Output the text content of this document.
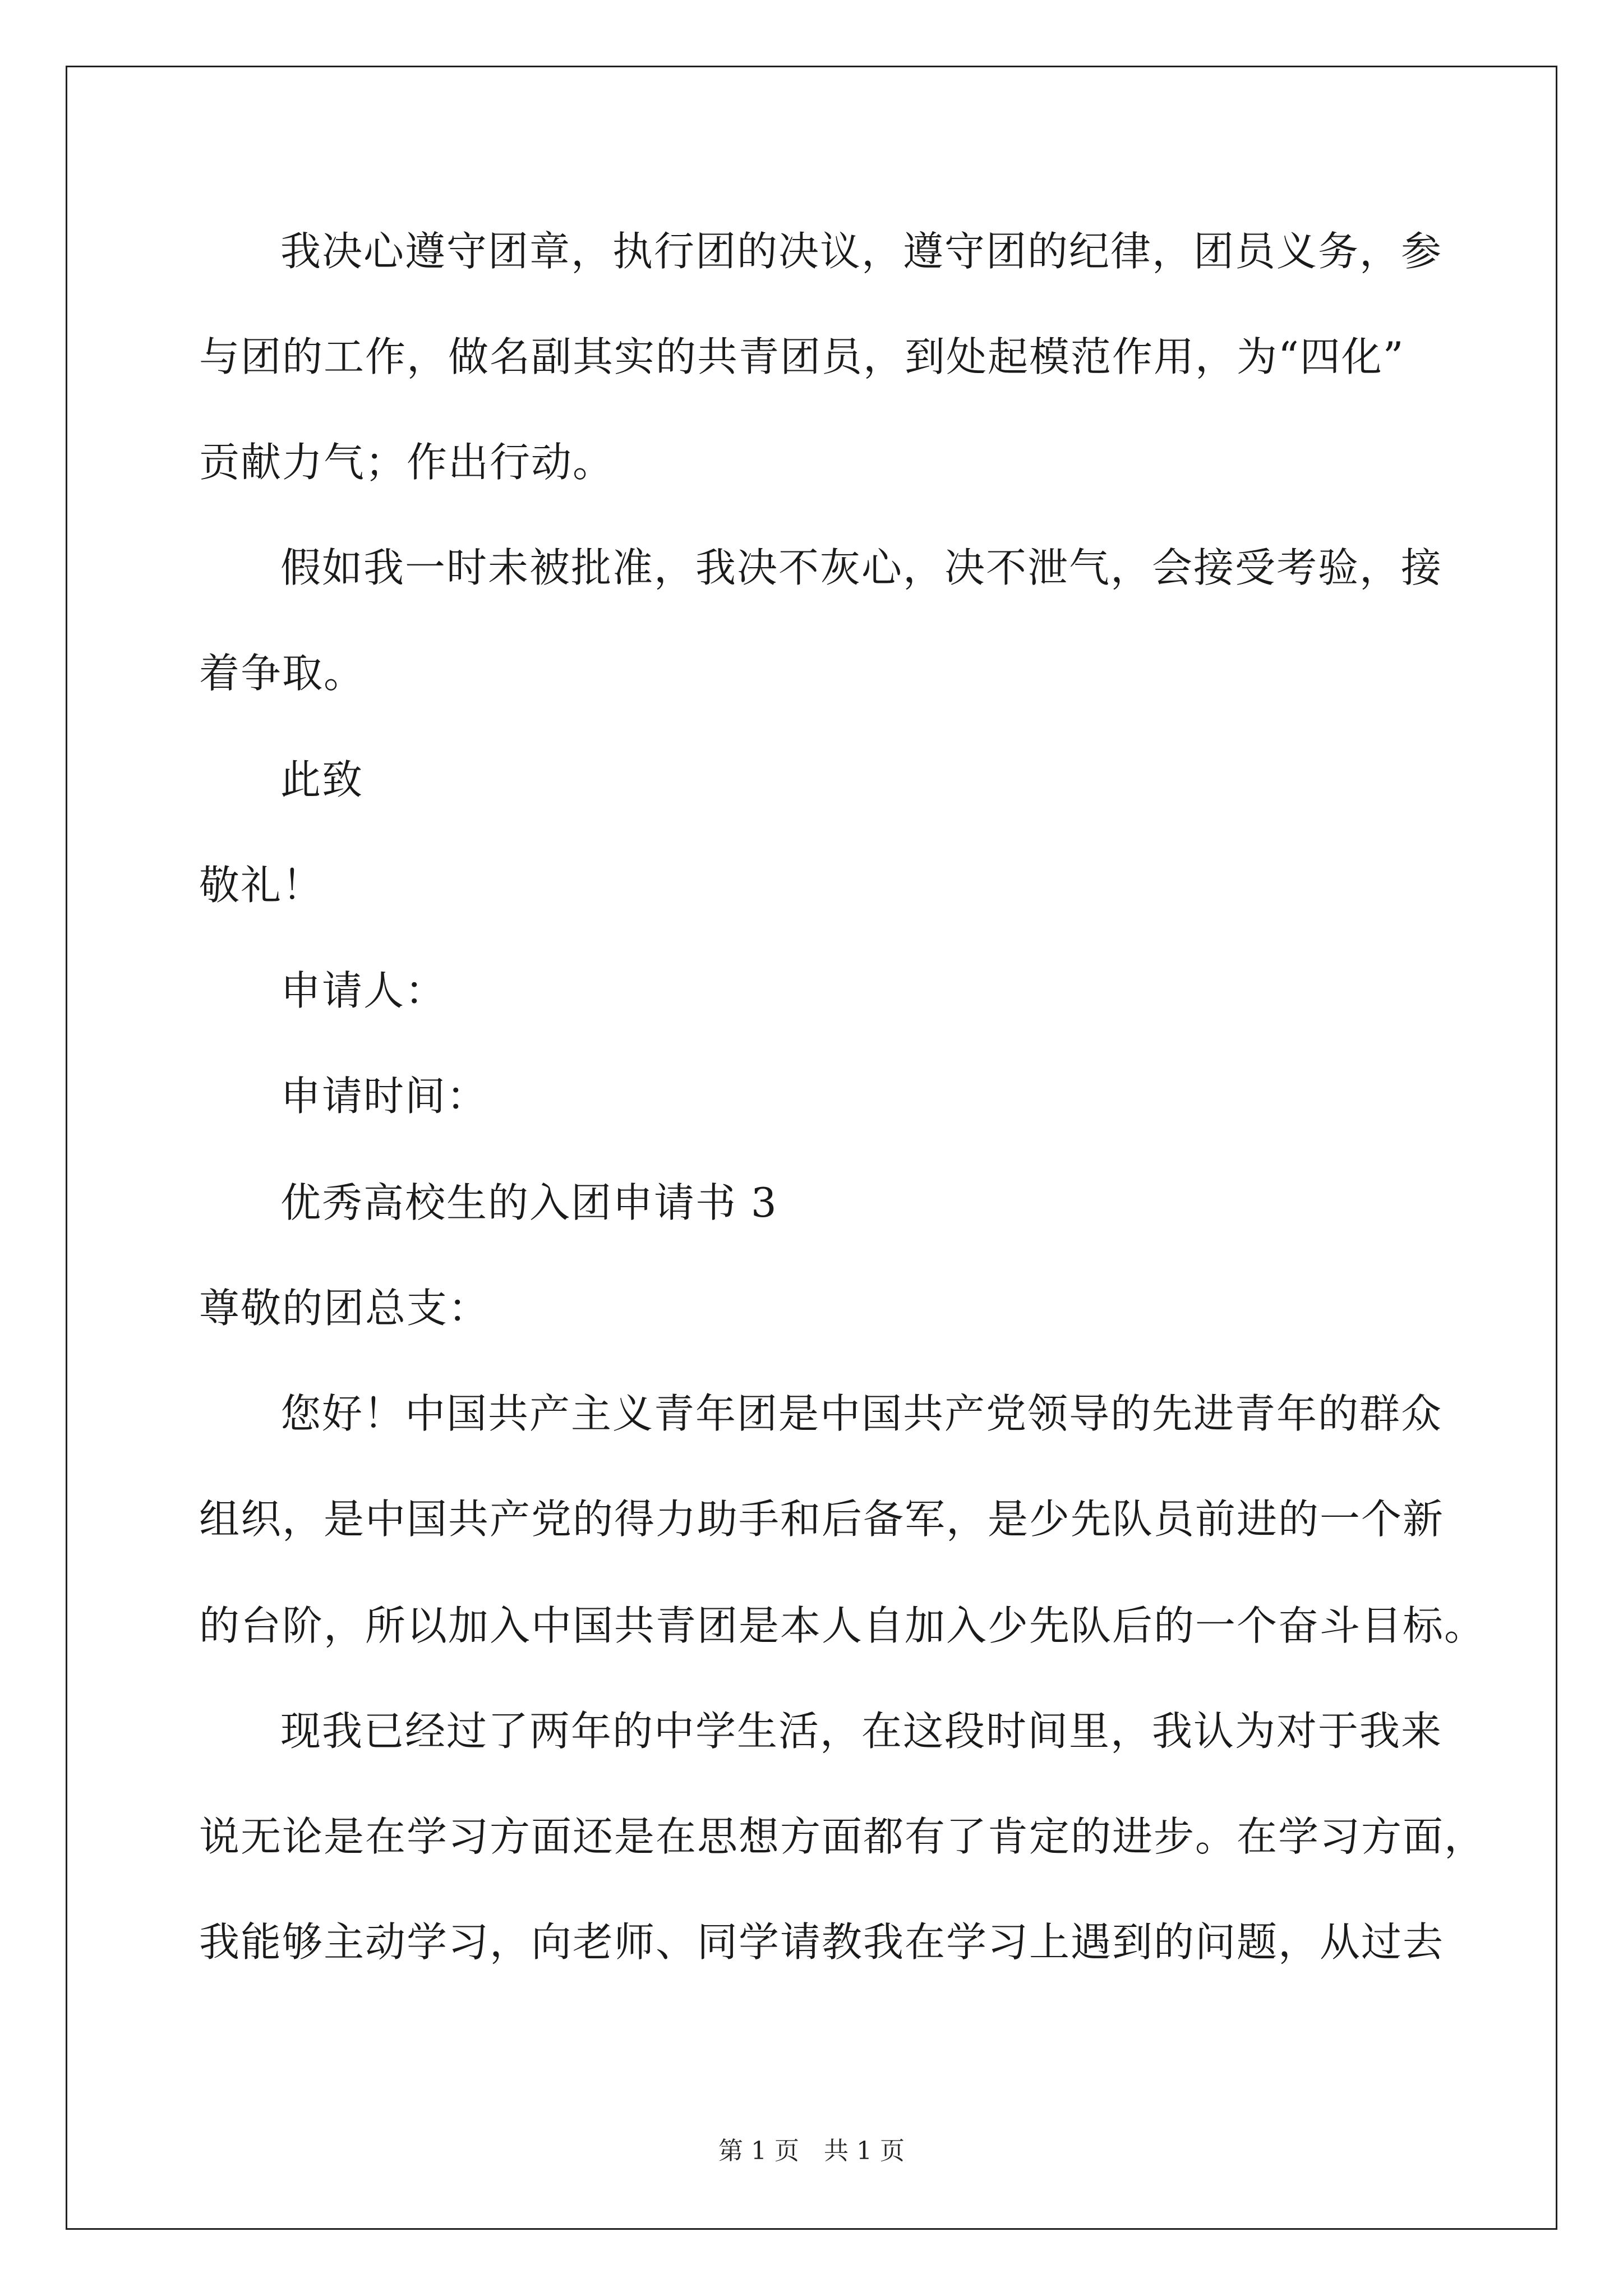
我决心遵守团章，执行团的决议，遵守团的纪律，团员义务，参
与团的工作，做名副其实的共青团员，到处起模范作用，为“四化”
贡献力气；作出行动。
假如我一时未被批准，我决不灰心，决不泄气，会接受考验，接
着争取。
此致
敬礼！
申请人：
申请时间：
优秀高校生的入团申请书 3
尊敬的团总支：
您好！中国共产主义青年团是中国共产党领导的先进青年的群众
组织，是中国共产党的得力助手和后备军，是少先队员前进的一个新
的台阶，所以加入中国共青团是本人自加入少先队后的一个奋斗目标。
现我已经过了两年的中学生活，在这段时间里，我认为对于我来
说无论是在学习方面还是在思想方面都有了肯定的进步。在学习方面，
我能够主动学习，向老师、同学请教我在学习上遇到的问题，从过去
第 1 页　共 1 页
